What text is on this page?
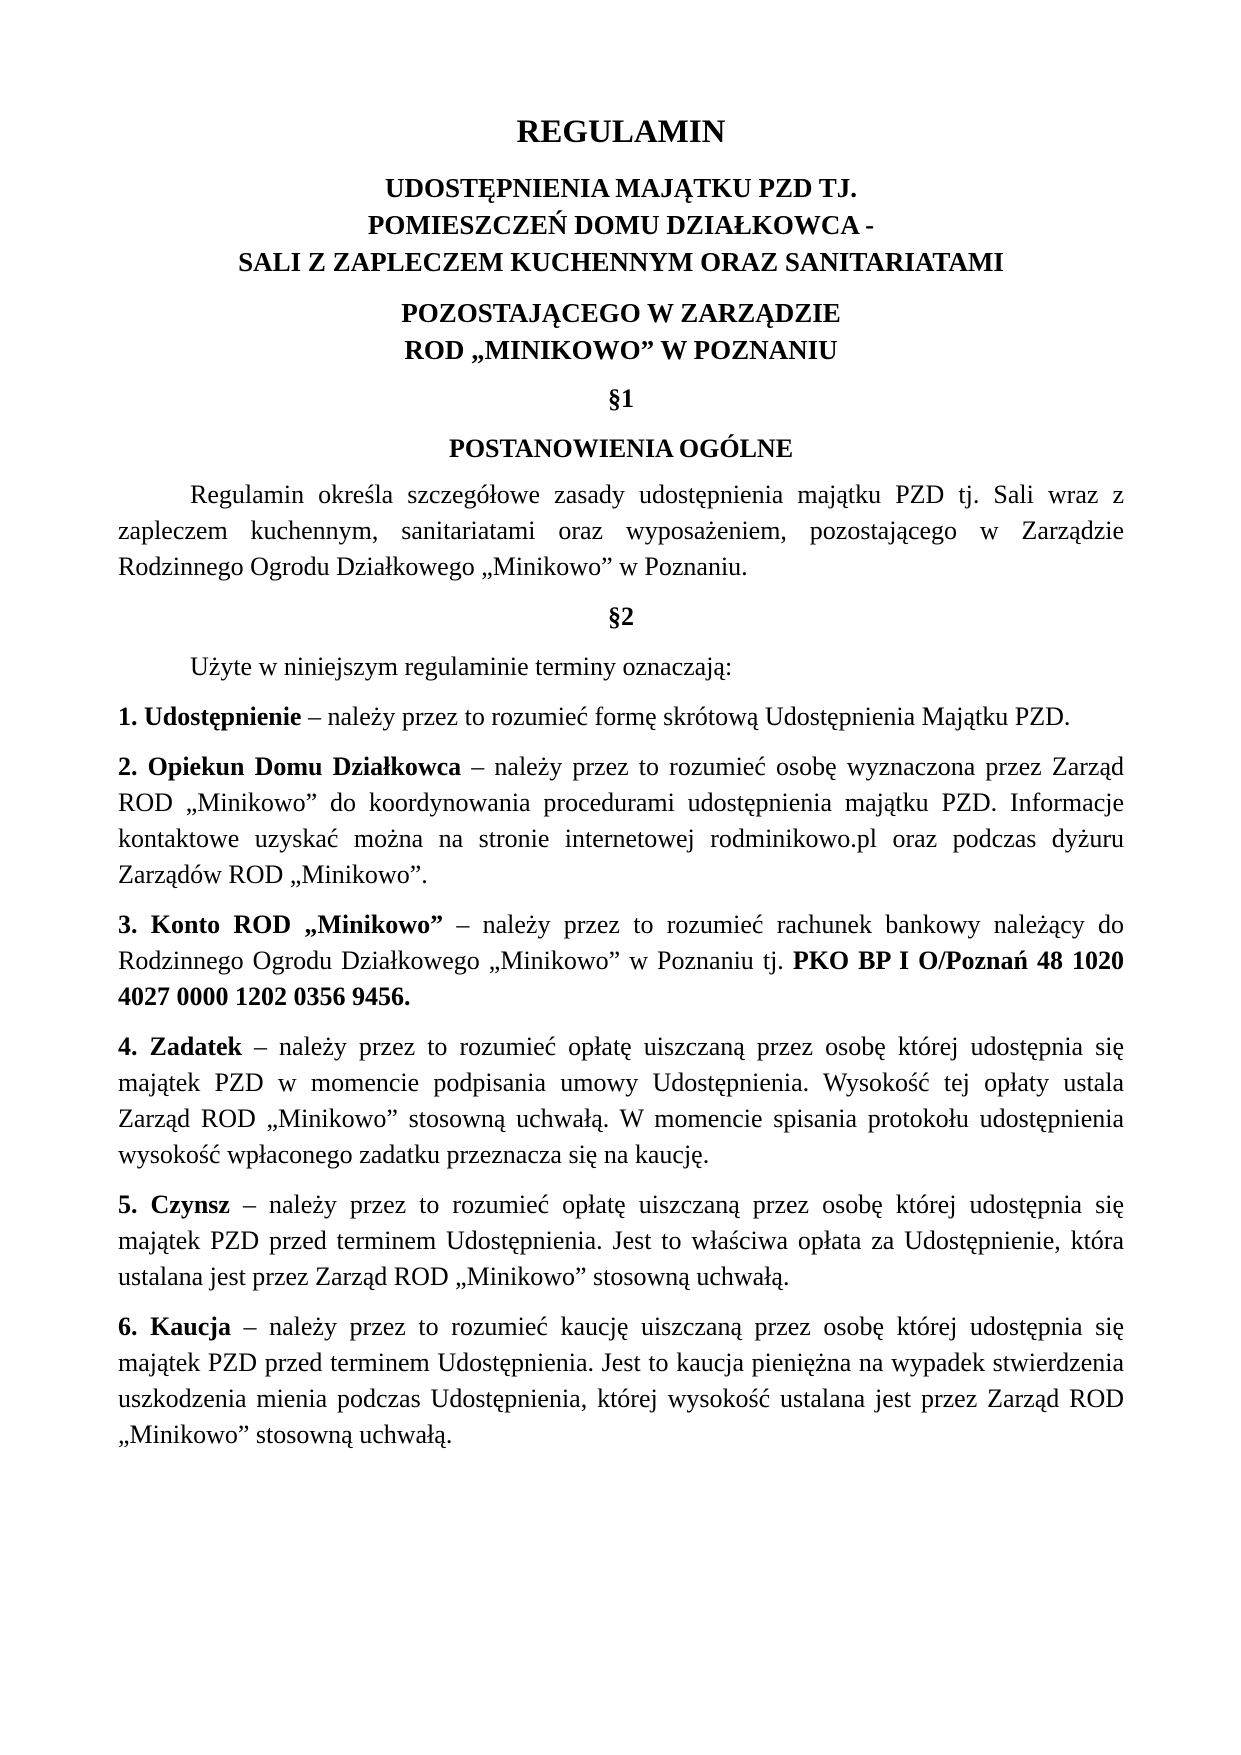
REGULAMIN

UDOSTĘPNIENIA MAJĄTKU PZD TJ.

POMIESZCZEŃ DOMU DZIAŁKOWCA -

SALI Z ZAPLECZEM KUCHENNYM ORAZ SANITARIATAMI

POZOSTAJĄCEGO W ZARZĄDZIE

ROD „MINIKOWO” W POZNANIU

§1

POSTANOWIENIA OGÓLNE

Regulamin określa szczegółowe zasady udostępnienia majątku PZD tj. Sali wraz z zapleczem kuchennym, sanitariatami oraz wyposażeniem, pozostającego w Zarządzie Rodzinnego Ogrodu Działkowego „Minikowo” w Poznaniu.

§2

Użyte w niniejszym regulaminie terminy oznaczają:

1. Udostępnienie – należy przez to rozumieć formę skrótową Udostępnienia Majątku PZD.

2. Opiekun Domu Działkowca – należy przez to rozumieć osobę wyznaczona przez Zarząd ROD „Minikowo” do koordynowania procedurami udostępnienia majątku PZD. Informacje kontaktowe uzyskać można na stronie internetowej rodminikowo.pl oraz podczas dyżuru Zarządów ROD „Minikowo”.

3. Konto ROD „Minikowo” – należy przez to rozumieć rachunek bankowy należący do Rodzinnego Ogrodu Działkowego „Minikowo” w Poznaniu tj. PKO BP I O/Poznań 48 1020 4027 0000 1202 0356 9456.

4. Zadatek – należy przez to rozumieć opłatę uiszczaną przez osobę której udostępnia się majątek PZD w momencie podpisania umowy Udostępnienia. Wysokość tej opłaty ustala Zarząd ROD „Minikowo” stosowną uchwałą. W momencie spisania protokołu udostępnienia wysokość wpłaconego zadatku przeznacza się na kaucję.

5. Czynsz – należy przez to rozumieć opłatę uiszczaną przez osobę której udostępnia się majątek PZD przed terminem Udostępnienia. Jest to właściwa opłata za Udostępnienie, która ustalana jest przez Zarząd ROD „Minikowo” stosowną uchwałą.

6. Kaucja – należy przez to rozumieć kaucję uiszczaną przez osobę której udostępnia się majątek PZD przed terminem Udostępnienia. Jest to kaucja pieniężna na wypadek stwierdzenia uszkodzenia mienia podczas Udostępnienia, której wysokość ustalana jest przez Zarząd ROD „Minikowo” stosowną uchwałą.
